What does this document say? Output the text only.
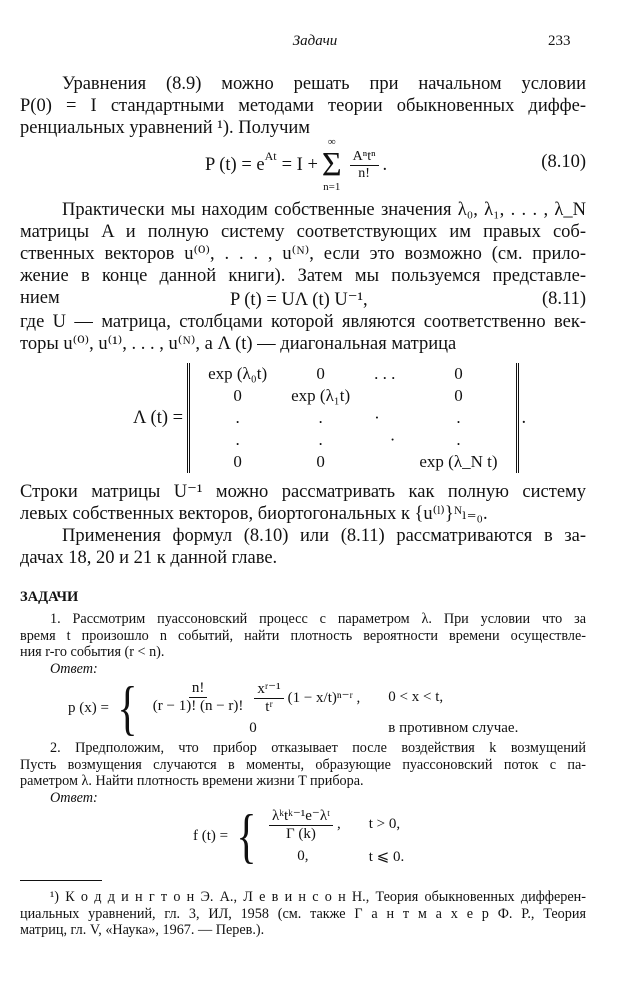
Задачи	233
Уравнения (8.9) можно решать при начальном условии
P(0) = I стандартными методами теории обыкновенных диффе-
ренциальных уравнений ¹). Получим
P $(t) = e^{At} = I$ +
∞
Σ
n=1
$\frac{\text{Aⁿtⁿ}}{n!}$ .	(8.10)
Практически мы находим собственные значения λ₀, λ₁, . . . , λ_N
матрицы A и полную систему соответствующих им правых соб-
ственных векторов u⁽⁰⁾, . . . , u⁽ᴺ⁾, если это возможно (см. прило-
жение в конце данной книги). Затем мы пользуемся представле-
нием	P (t) = UΛ (t) U⁻¹,	(8.11)
где U — матрица, столбцами которой являются соответственно век-
торы u⁽⁰⁾, u⁽¹⁾, . . . , u⁽ᴺ⁾, а Λ (t) — диагональная матрица
Λ (t) =
exp (λ₀t)	0	. . .	0
0	exp (λ₁t)		0
.	.	·	.
.	.	·	.
0	0		exp (λ_N t)
.
Строки матрицы U⁻¹ можно рассматривать как полную систему
левых собственных векторов, биортогональных к {u⁽ˡ⁾}ᴺₗ₌₀.
Применения формул (8.10) или (8.11) рассматриваются в за-
дачах 18, 20 и 21 к данной главе.
ЗАДАЧИ
1. Рассмотрим пуассоновский процесс с параметром λ. При условии что за
время t произошло n событий, найти плотность вероятности времени осуществле-
ния r-го события (r < n).
Ответ:
p (x) = { $\frac{n!}{(r - 1)! (n - r)!} \frac{\text{xʳ⁻¹}}{\text{tʳ}} (1$ − x/t)ⁿ⁻ʳ , 0 < x < t,
0	в противном случае.
2. Предположим, что прибор отказывает после воздействия k возмущений
Пусть возмущения случаются в моменты, образующие пуассоновский поток с па-
раметром λ. Найти плотность времени жизни T прибора.
Ответ:
f (t) = { $\frac{\text{λᵏtᵏ⁻¹e⁻λᵗ}}{\Gamma (k)}$ , t > 0,
0,	t ⩽ 0.
¹) К о д д и н г т о н Э. А., Л е в и н с о н Н., Теория обыкновенных дифферен-
циальных уравнений, гл. 3, ИЛ, 1958 (см. также Г а н т м а х е р Ф. Р., Теория
матриц, гл. V, «Наука», 1967. — Перев.).
